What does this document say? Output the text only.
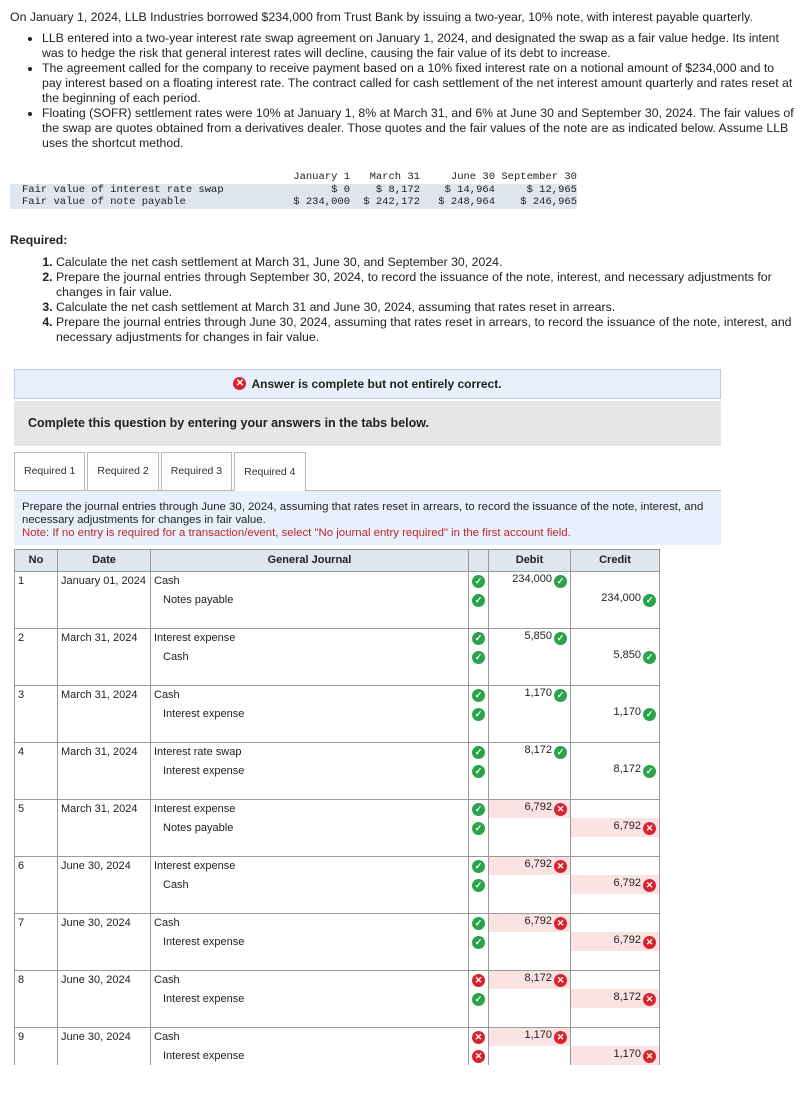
On January 1, 2024, LLB Industries borrowed $234,000 from Trust Bank by issuing a two-year, 10% note, with interest payable quarterly.

• LLB entered into a two-year interest rate swap agreement on January 1, 2024, and designated the swap as a fair value hedge. Its intent was to hedge the risk that general interest rates will decline, causing the fair value of its debt to increase.
• The agreement called for the company to receive payment based on a 10% fixed interest rate on a notional amount of $234,000 and to pay interest based on a floating interest rate. The contract called for cash settlement of the net interest amount quarterly and rates reset at the beginning of each period.
• Floating (SOFR) settlement rates were 10% at January 1, 8% at March 31, and 6% at June 30 and September 30, 2024. The fair values of the swap are quotes obtained from a derivatives dealer. Those quotes and the fair values of the note are as indicated below. Assume LLB uses the shortcut method.
	January 1	March 31	June 30	September 30
Fair value of interest rate swap	$ 0	$ 8,172	$ 14,964	$ 12,965
Fair value of note payable	$ 234,000	$ 242,172	$ 248,964	$ 246,965
Required:
1. Calculate the net cash settlement at March 31, June 30, and September 30, 2024.
2. Prepare the journal entries through September 30, 2024, to record the issuance of the note, interest, and necessary adjustments for changes in fair value.
3. Calculate the net cash settlement at March 31 and June 30, 2024, assuming that rates reset in arrears.
4. Prepare the journal entries through June 30, 2024, assuming that rates reset in arrears, to record the issuance of the note, interest, and necessary adjustments for changes in fair value.
✕ Answer is complete but not entirely correct.
Complete this question by entering your answers in the tabs below.
Required 1	Required 2	Required 3	Required 4
Prepare the journal entries through June 30, 2024, assuming that rates reset in arrears, to record the issuance of the note, interest, and necessary adjustments for changes in fair value.
Note: If no entry is required for a transaction/event, select "No journal entry required" in the first account field.
No	Date	General Journal		Debit	Credit
1	January 01, 2024	Cash	✓	234,000 ✓	
		Notes payable	✓		234,000 ✓

2	March 31, 2024	Interest expense	✓	5,850 ✓	
		Cash	✓		5,850 ✓

3	March 31, 2024	Cash	✓	1,170 ✓	
		Interest expense	✓		1,170 ✓

4	March 31, 2024	Interest rate swap	✓	8,172 ✓	
		Interest expense	✓		8,172 ✓

5	March 31, 2024	Interest expense	✓	6,792 ✕	
		Notes payable	✓		6,792 ✕

6	June 30, 2024	Interest expense	✓	6,792 ✕	
		Cash	✓		6,792 ✕

7	June 30, 2024	Cash	✓	6,792 ✕	
		Interest expense	✓		6,792 ✕

8	June 30, 2024	Cash	✕	8,172 ✕	
		Interest expense	✓		8,172 ✕

9	June 30, 2024	Cash	✕	1,170 ✕	
		Interest expense	✕		1,170 ✕
